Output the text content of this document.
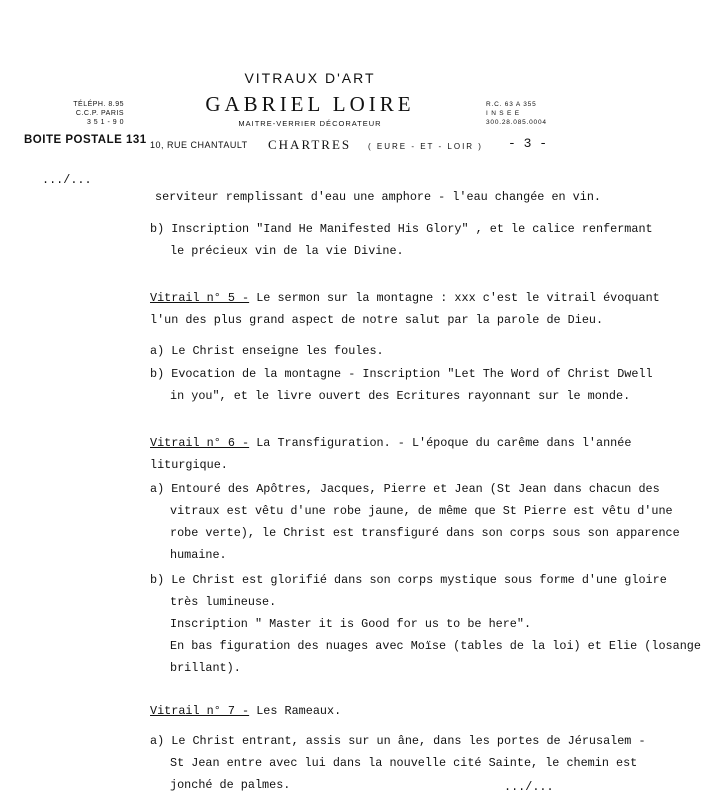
VITRAUX D'ART
GABRIEL LOIRE
MAITRE-VERRIER DÉCORATEUR
TÉLÉPH. 8.95
C.C.P. PARIS
3 5 1 - 9 0
R.C. 63 A 355
I N S E E
300.28.085.0004
BOITE POSTALE 131 10, RUE CHANTAULT CHARTRES ( EURE - ET - LOIR ) - 3 -
.../...
serviteur remplissant d'eau une amphore - l'eau changée en vin.
b) Inscription "Iand He Manifested His Glory" , et le calice renfermant
le précieux vin de la vie Divine.
Vitrail n° 5 - Le sermon sur la montagne : xxx c'est le vitrail évoquant
l'un des plus grand aspect de notre salut par la parole de Dieu.
a) Le Christ enseigne les foules.
b) Evocation de la montagne - Inscription "Let The Word of Christ Dwell
in you", et le livre ouvert des Ecritures rayonnant sur le monde.
Vitrail n° 6 - La Transfiguration. - L'époque du carême dans l'année
liturgique.
a) Entouré des Apôtres, Jacques, Pierre et Jean (St Jean dans chacun des
vitraux est vêtu d'une robe jaune, de même que St Pierre est vêtu d'une
robe verte), le Christ est transfiguré dans son corps sous son apparence
humaine.
b) Le Christ est glorifié dans son corps mystique sous forme d'une gloire
très lumineuse.
Inscription " Master it is Good for us to be here".
En bas figuration des nuages avec Moïse (tables de la loi) et Elie (losange
brillant).
Vitrail n° 7 - Les Rameaux.
a) Le Christ entrant, assis sur un âne, dans les portes de Jérusalem -
St Jean entre avec lui dans la nouvelle cité Sainte, le chemin est
jonché de palmes.	.../...
